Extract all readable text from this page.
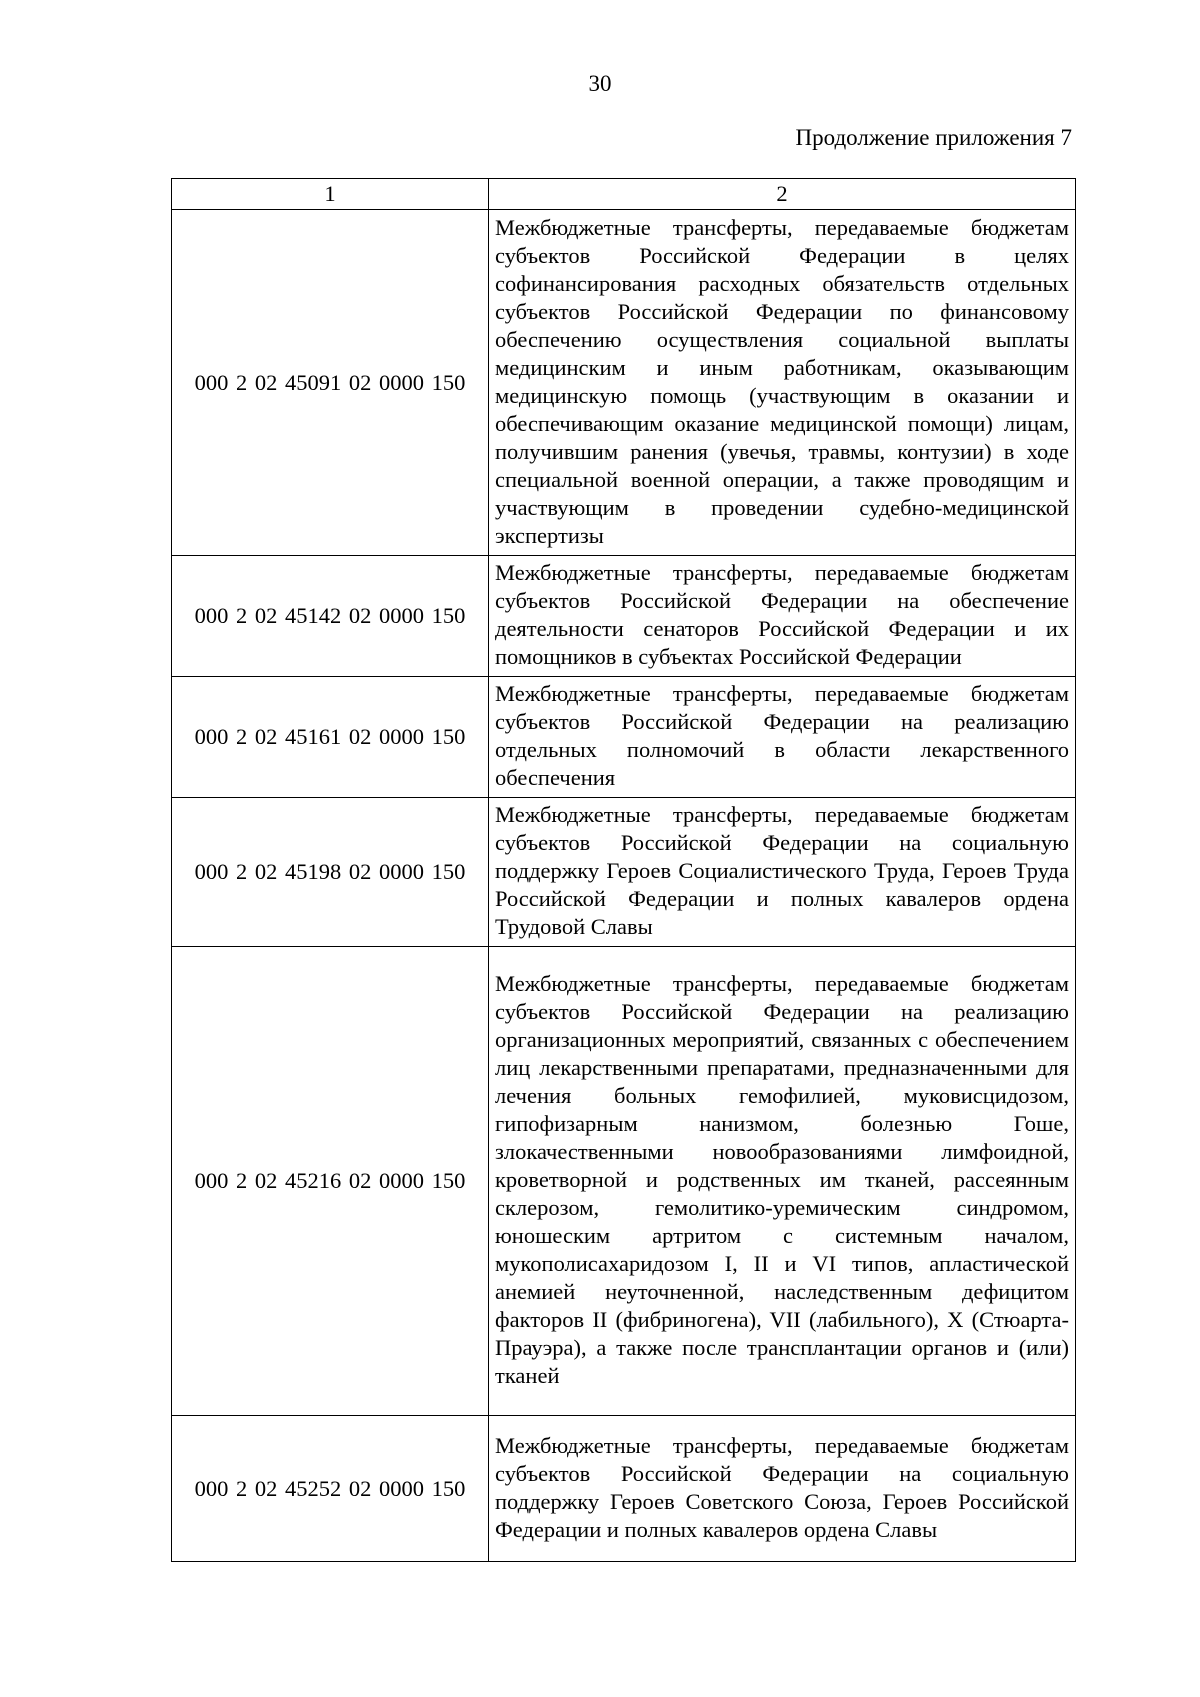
30
Продолжение приложения 7
1	2
000 2 02 45091 02 0000 150	Межбюджетные трансферты, передаваемые бюджетам субъектов Российской Федерации в целях софинансирования расходных обязательств отдельных субъектов Российской Федерации по финансовому обеспечению осуществления социальной выплаты медицинским и иным работникам, оказывающим медицинскую помощь (участвующим в оказании и обеспечивающим оказание медицинской помощи) лицам, получившим ранения (увечья, травмы, контузии) в ходе специальной военной операции, а также проводящим и участвующим в проведении судебно-медицинской экспертизы
000 2 02 45142 02 0000 150	Межбюджетные трансферты, передаваемые бюджетам субъектов Российской Федерации на обеспечение деятельности сенаторов Российской Федерации и их помощников в субъектах Российской Федерации
000 2 02 45161 02 0000 150	Межбюджетные трансферты, передаваемые бюджетам субъектов Российской Федерации на реализацию отдельных полномочий в области лекарственного обеспечения
000 2 02 45198 02 0000 150	Межбюджетные трансферты, передаваемые бюджетам субъектов Российской Федерации на социальную поддержку Героев Социалистического Труда, Героев Труда Российской Федерации и полных кавалеров ордена Трудовой Славы
000 2 02 45216 02 0000 150	Межбюджетные трансферты, передаваемые бюджетам субъектов Российской Федерации на реализацию организационных мероприятий, связанных с обеспечением лиц лекарственными препаратами, предназначенными для лечения больных гемофилией, муковисцидозом, гипофизарным нанизмом, болезнью Гоше, злокачественными новообразованиями лимфоидной, кроветворной и родственных им тканей, рассеянным склерозом, гемолитико-уремическим синдромом, юношеским артритом с системным началом, мукополисахаридозом I, II и VI типов, апластической анемией неуточненной, наследственным дефицитом факторов II (фибриногена), VII (лабильного), X (Стюарта-Прауэра), а также после трансплантации органов и (или) тканей
000 2 02 45252 02 0000 150	Межбюджетные трансферты, передаваемые бюджетам субъектов Российской Федерации на социальную поддержку Героев Советского Союза, Героев Российской Федерации и полных кавалеров ордена Славы
